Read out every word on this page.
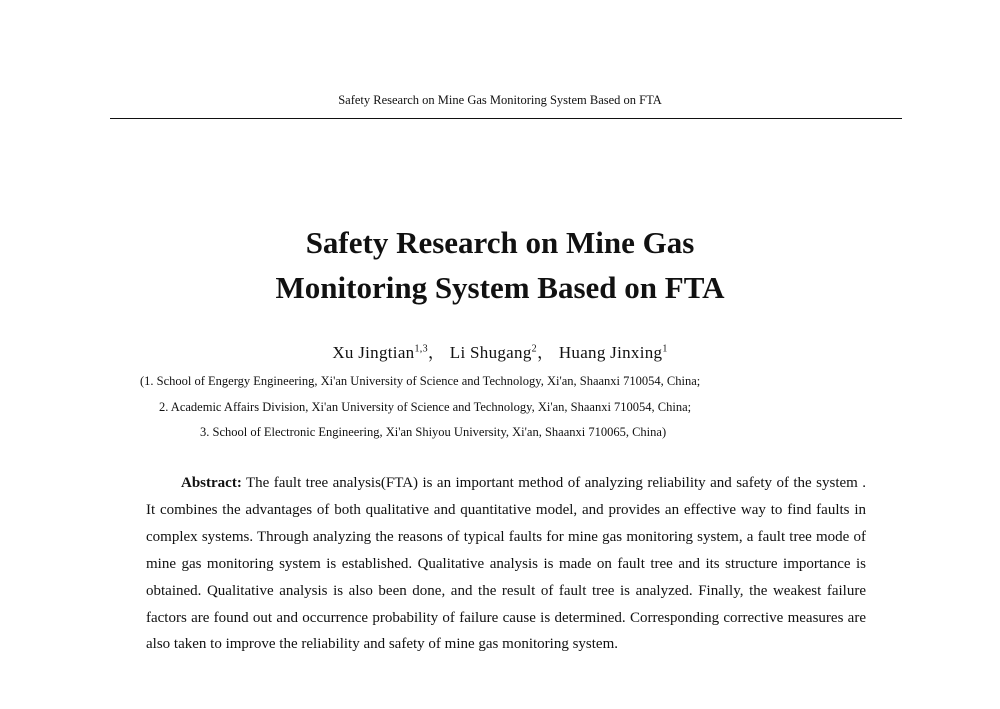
Safety Research on Mine Gas Monitoring System Based on FTA
Safety Research on Mine Gas
Monitoring System Based on FTA
Xu Jingtian$^{1,3}$， Li Shugang$^2$， Huang Jinxing$^1$
(1. School of Engergy Engineering, Xi'an University of Science and Technology, Xi'an, Shaanxi 710054, China;
2. Academic Affairs Division, Xi'an University of Science and Technology, Xi'an, Shaanxi 710054, China;
3. School of Electronic Engineering, Xi'an Shiyou University, Xi'an, Shaanxi 710065, China)

Abstract: The fault tree analysis(FTA) is an important method of analyzing reliability and safety of the system . It combines the advantages of both qualitative and quantitative model, and provides an effective way to find faults in complex systems. Through analyzing the reasons of typical faults for mine gas monitoring system, a fault tree mode of mine gas monitoring system is established. Qualitative analysis is made on fault tree and its structure importance is obtained. Qualitative analysis is also been done, and the result of fault tree is analyzed. Finally, the weakest failure factors are found out and occurrence probability of failure cause is determined. Corresponding corrective measures are also taken to improve the reliability and safety of mine gas monitoring system.
